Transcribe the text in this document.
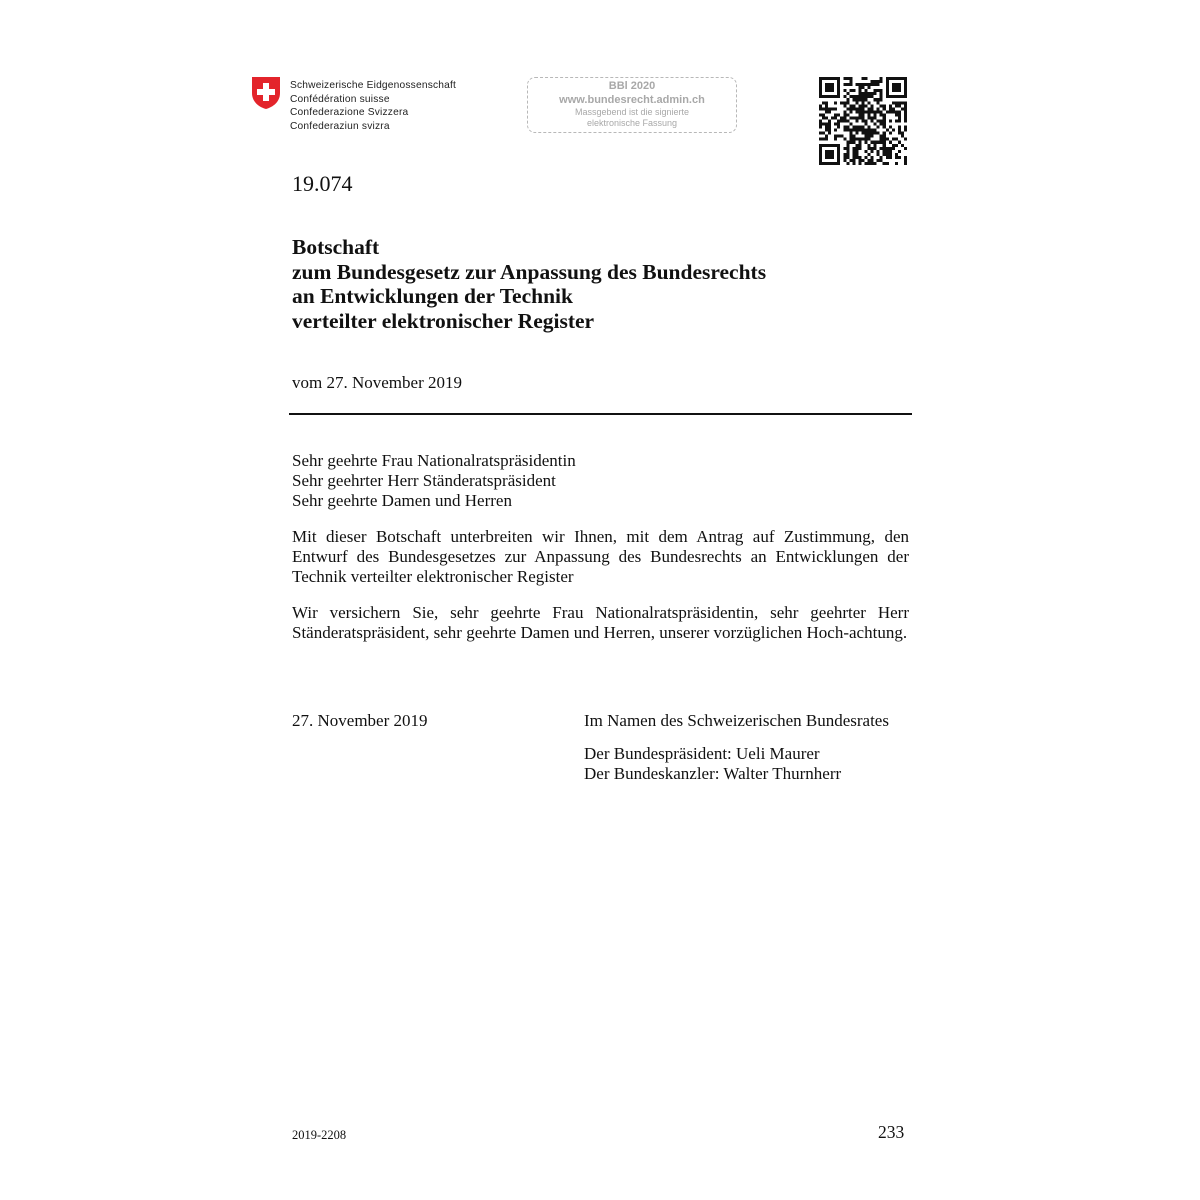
Schweizerische Eidgenossenschaft
Confédération suisse
Confederazione Svizzera
Confederaziun svizra
BBl 2020
www.bundesrecht.admin.ch
Massgebend ist die signierte
elektronische Fassung
19.074
Botschaft
zum Bundesgesetz zur Anpassung des Bundesrechts
an Entwicklungen der Technik
verteilter elektronischer Register
vom 27. November 2019
Sehr geehrte Frau Nationalratspräsidentin
Sehr geehrter Herr Ständeratspräsident
Sehr geehrte Damen und Herren
Mit dieser Botschaft unterbreiten wir Ihnen, mit dem Antrag auf Zustimmung, den Entwurf des Bundesgesetzes zur Anpassung des Bundesrechts an Entwicklungen der Technik verteilter elektronischer Register
Wir versichern Sie, sehr geehrte Frau Nationalratspräsidentin, sehr geehrter Herr Ständeratspräsident, sehr geehrte Damen und Herren, unserer vorzüglichen Hoch-achtung.
27. November 2019	Im Namen des Schweizerischen Bundesrates
Der Bundespräsident: Ueli Maurer
Der Bundeskanzler: Walter Thurnherr
2019-2208	233
